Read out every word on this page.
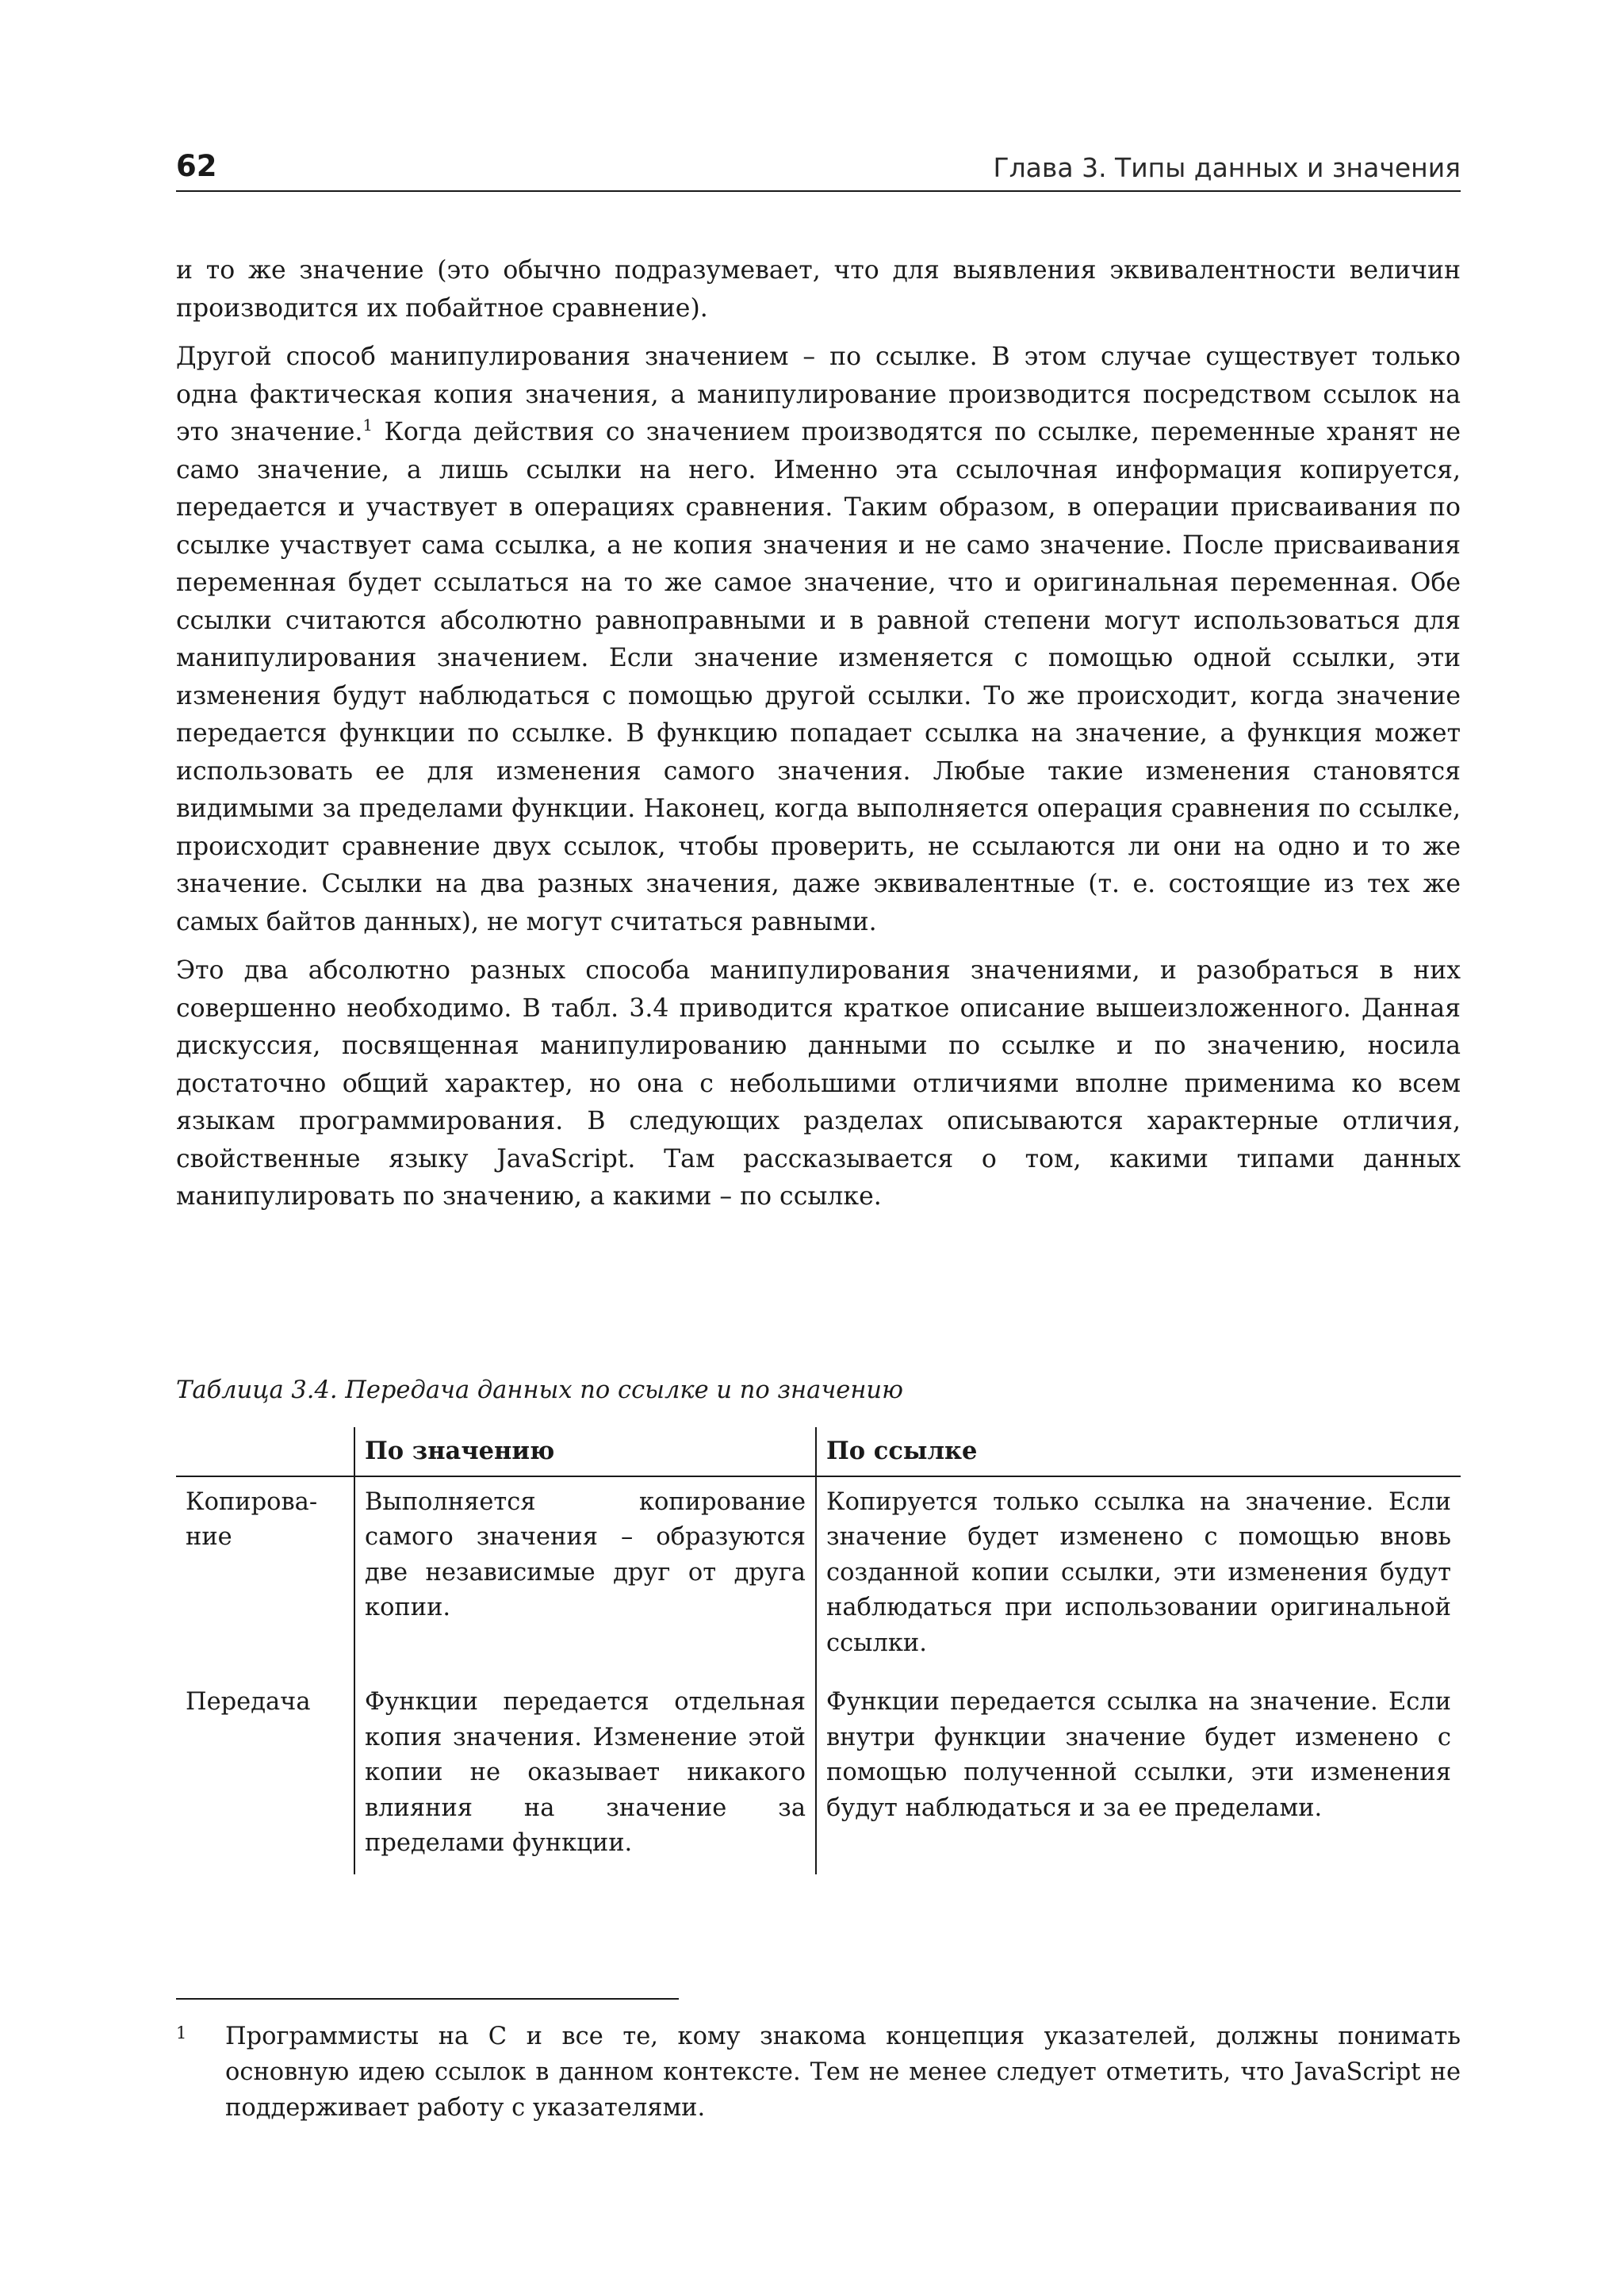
62	Глава 3. Типы данных и значения

и то же значение (это обычно подразумевает, что для выявления эквивалентности величин производится их побайтное сравнение).

Другой способ манипулирования значением – по ссылке. В этом случае существует только одна фактическая копия значения, а манипулирование производится посредством ссылок на это значение.$^1$ Когда действия со значением производятся по ссылке, переменные хранят не само значение, а лишь ссылки на него. Именно эта ссылочная информация копируется, передается и участвует в операциях сравнения. Таким образом, в операции присваивания по ссылке участвует сама ссылка, а не копия значения и не само значение. После присваивания переменная будет ссылаться на то же самое значение, что и оригинальная переменная. Обе ссылки считаются абсолютно равноправными и в равной степени могут использоваться для манипулирования значением. Если значение изменяется с помощью одной ссылки, эти изменения будут наблюдаться с помощью другой ссылки. То же происходит, когда значение передается функции по ссылке. В функцию попадает ссылка на значение, а функция может использовать ее для изменения самого значения. Любые такие изменения становятся видимыми за пределами функции. Наконец, когда выполняется операция сравнения по ссылке, происходит сравнение двух ссылок, чтобы проверить, не ссылаются ли они на одно и то же значение. Ссылки на два разных значения, даже эквивалентные (т. е. состоящие из тех же самых байтов данных), не могут считаться равными.

Это два абсолютно разных способа манипулирования значениями, и разобраться в них совершенно необходимо. В табл. 3.4 приводится краткое описание вышеизложенного. Данная дискуссия, посвященная манипулированию данными по ссылке и по значению, носила достаточно общий характер, но она с небольшими отличиями вполне применима ко всем языкам программирования. В следующих разделах описываются характерные отличия, свойственные языку JavaScript. Там рассказывается о том, какими типами данных манипулировать по значению, а какими – по ссылке.

Таблица 3.4. Передача данных по ссылке и по значению
	По значению	По ссылке
Копирование	Выполняется копирование самого значения – образуются две независимые друг от друга копии.	Копируется только ссылка на значение. Если значение будет изменено с помощью вновь созданной копии ссылки, эти изменения будут наблюдаться при использовании оригинальной ссылки.
Передача	Функции передается отдельная копия значения. Изменение этой копии не оказывает никакого влияния на значение за пределами функции.	Функции передается ссылка на значение. Если внутри функции значение будет изменено с помощью полученной ссылки, эти изменения будут наблюдаться и за ее пределами.
1 Программисты на C и все те, кому знакома концепция указателей, должны понимать основную идею ссылок в данном контексте. Тем не менее следует отметить, что JavaScript не поддерживает работу с указателями.
